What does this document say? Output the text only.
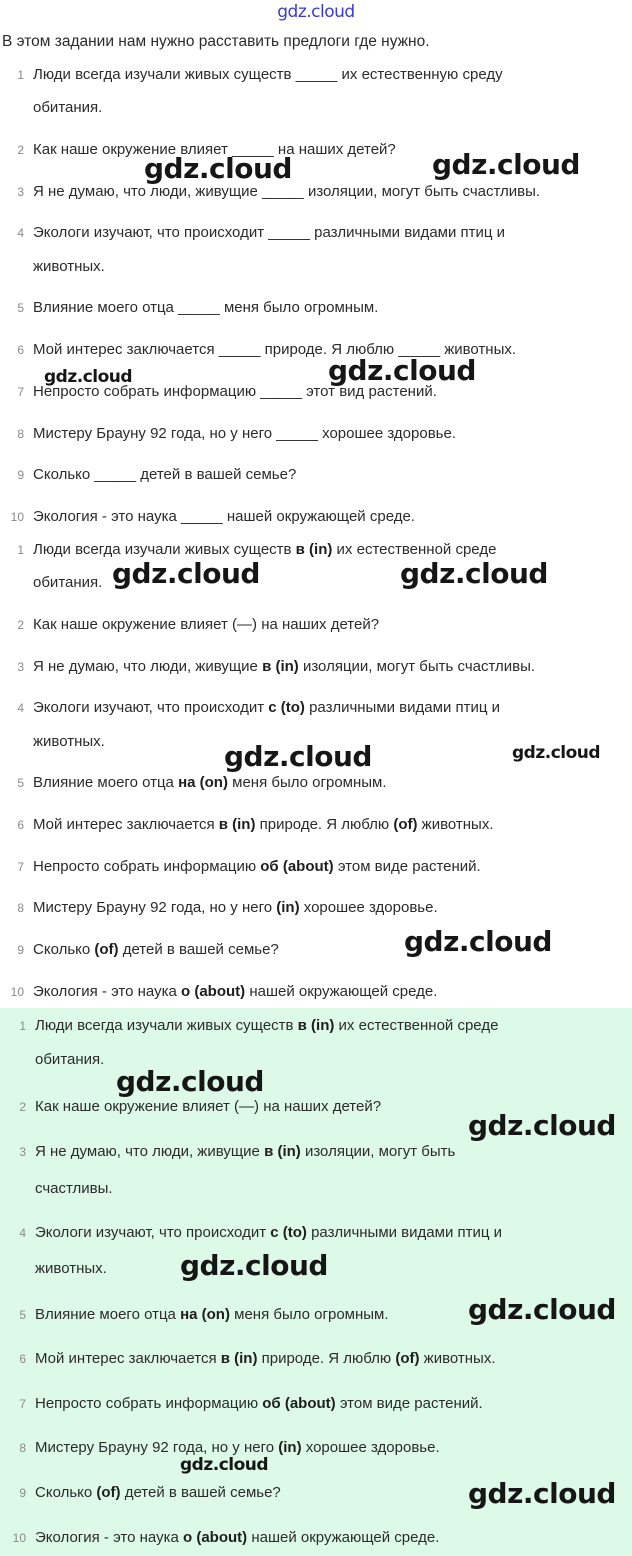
gdz.cloud
В этом задании нам нужно расставить предлоги где нужно.
1 Люди всегда изучали живых существ _____ их естественную среду
обитания.
2 Как наше окружение влияет _____ на наших детей?
3 Я не думаю, что люди, живущие _____ изоляции, могут быть счастливы.
4 Экологи изучают, что происходит _____ различными видами птиц и
животных.
5 Влияние моего отца _____ меня было огромным.
6 Мой интерес заключается _____ природе. Я люблю _____ животных.
7 Непросто собрать информацию _____ этот вид растений.
8 Мистеру Брауну 92 года, но у него _____ хорошее здоровье.
9 Сколько _____ детей в вашей семье?
10 Экология - это наука _____ нашей окружающей среде.
1 Люди всегда изучали живых существ в (in) их естественной среде
обитания.
2 Как наше окружение влияет (—) на наших детей?
3 Я не думаю, что люди, живущие в (in) изоляции, могут быть счастливы.
4 Экологи изучают, что происходит с (to) различными видами птиц и
животных.
5 Влияние моего отца на (on) меня было огромным.
6 Мой интерес заключается в (in) природе. Я люблю (of) животных.
7 Непросто собрать информацию об (about) этом виде растений.
8 Мистеру Брауну 92 года, но у него (in) хорошее здоровье.
9 Сколько (of) детей в вашей семье?
10 Экология - это наука о (about) нашей окружающей среде.
1 Люди всегда изучали живых существ в (in) их естественной среде
обитания.
2 Как наше окружение влияет (—) на наших детей?
3 Я не думаю, что люди, живущие в (in) изоляции, могут быть
счастливы.
4 Экологи изучают, что происходит с (to) различными видами птиц и
животных.
5 Влияние моего отца на (on) меня было огромным.
6 Мой интерес заключается в (in) природе. Я люблю (of) животных.
7 Непросто собрать информацию об (about) этом виде растений.
8 Мистеру Брауну 92 года, но у него (in) хорошее здоровье.
9 Сколько (of) детей в вашей семье?
10 Экология - это наука о (about) нашей окружающей среде.
gdz.cloud	gdz.cloud
gdz.cloud	gdz.cloud
gdz.cloud	gdz.cloud
gdz.cloud	gdz.cloud
gdz.cloud
gdz.cloud
gdz.cloud
gdz.cloud
gdz.cloud
gdz.cloud
gdz.cloud
